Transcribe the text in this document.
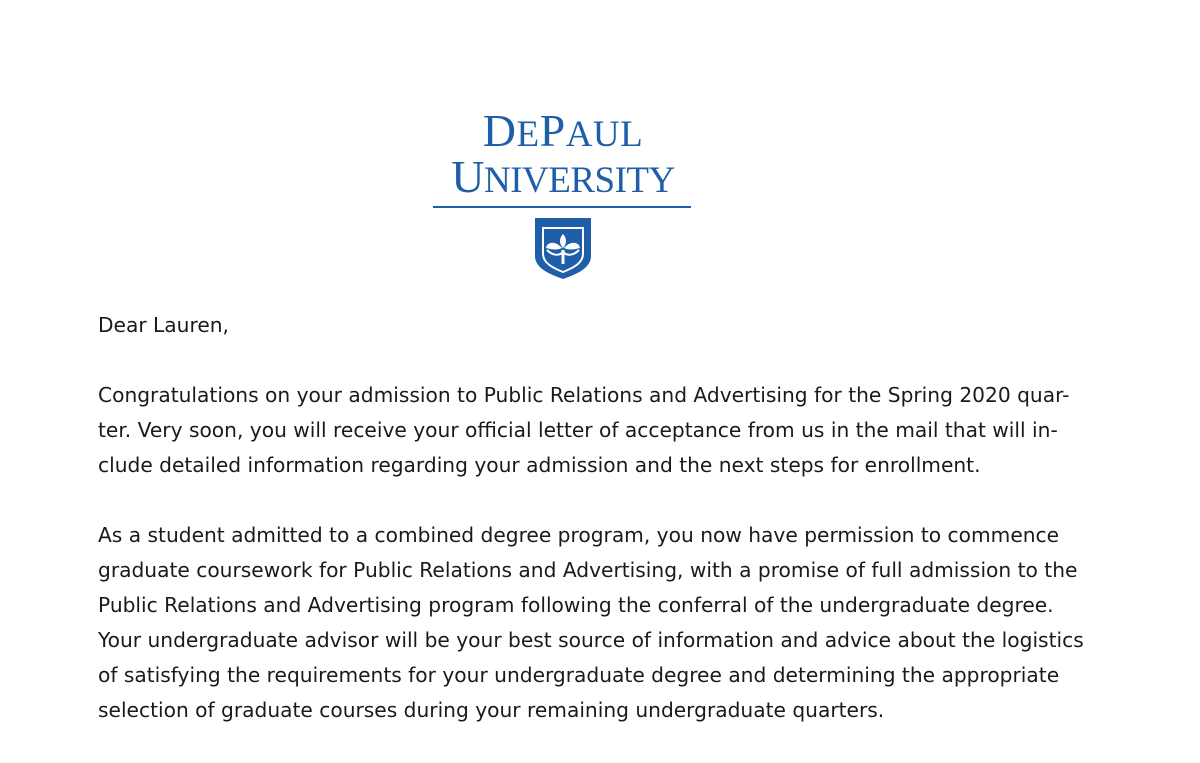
DEPAUL
UNIVERSITY

Dear Lauren,

Congratulations on your admission to Public Relations and Advertising for the Spring 2020 quar-
ter. Very soon, you will receive your official letter of acceptance from us in the mail that will in-
clude detailed information regarding your admission and the next steps for enrollment.

As a student admitted to a combined degree program, you now have permission to commence
graduate coursework for Public Relations and Advertising, with a promise of full admission to the
Public Relations and Advertising program following the conferral of the undergraduate degree.
Your undergraduate advisor will be your best source of information and advice about the logistics
of satisfying the requirements for your undergraduate degree and determining the appropriate
selection of graduate courses during your remaining undergraduate quarters.
